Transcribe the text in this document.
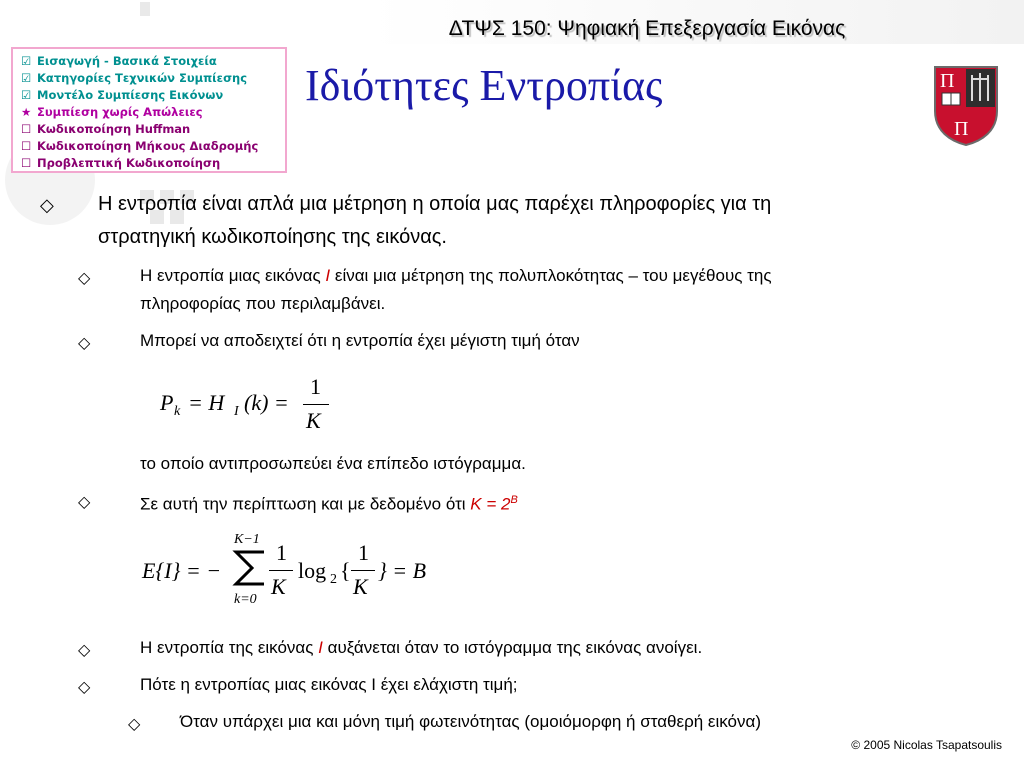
ΔΤΨΣ 150: Ψηφιακή Επεξεργασία Εικόνας
☑ Εισαγωγή - Βασικά Στοιχεία
☑ Κατηγορίες Τεχνικών Συμπίεσης
☑ Μοντέλο Συμπίεσης Εικόνων
★ Συμπίεση χωρίς Απώλειες
☐ Κωδικοποίηση Huffman
☐ Κωδικοποίηση Μήκους Διαδρομής
☐ Προβλεπτική Κωδικοποίηση
Ιδιότητες Εντροπίας	Π
Π
◇ Η εντροπία είναι απλά μια μέτρηση η οποία μας παρέχει πληροφορίες για τη
στρατηγική κωδικοποίησης της εικόνας.
◇	Η εντροπία μιας εικόνας I είναι μια μέτρηση της πολυπλοκότητας – του μεγέθους της
πληροφορίας που περιλαμβάνει.
◇	Μπορεί να αποδειχτεί ότι η εντροπία έχει μέγιστη τιμή όταν
P k = H I (k) =
1
K
το οποίο αντιπροσωπεύει ένα επίπεδο ιστόγραμμα.
◇	Σε αυτή την περίπτωση και με δεδομένο ότι $K = 2^B$
E{I} = −
K−1
k=0
1
K
log 2 {
1
K
} = B
◇	Η εντροπία της εικόνας I αυξάνεται όταν το ιστόγραμμα της εικόνας ανοίγει.
◇	Πότε η εντροπίας μιας εικόνας I έχει ελάχιστη τιμή;
◇ Όταν υπάρχει μια και μόνη τιμή φωτεινότητας (ομοιόμορφη ή σταθερή εικόνα)
© 2005 Nicolas Tsapatsoulis
